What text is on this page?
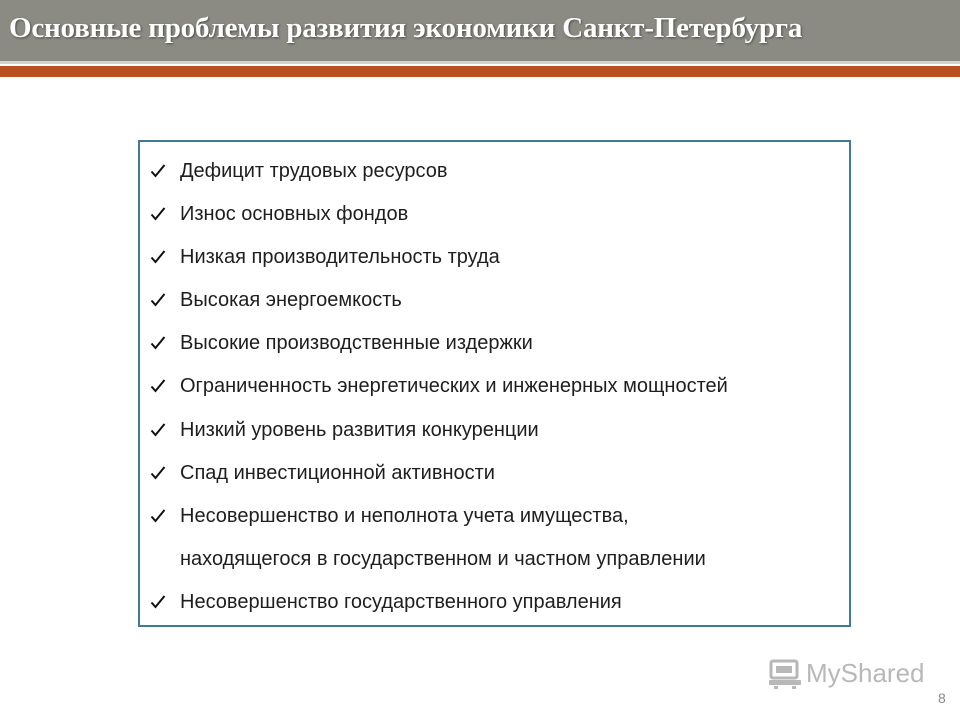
Основные проблемы развития экономики Санкт-Петербурга
Дефицит трудовых ресурсов
Износ основных фондов
Низкая производительность труда
Высокая энергоемкость
Высокие производственные издержки
Ограниченность энергетических и инженерных мощностей
Низкий уровень развития конкуренции
Спад инвестиционной активности
Несовершенство и неполнота учета имущества,
находящегося в государственном и частном управлении
Несовершенство государственного управления
MyShared
8
